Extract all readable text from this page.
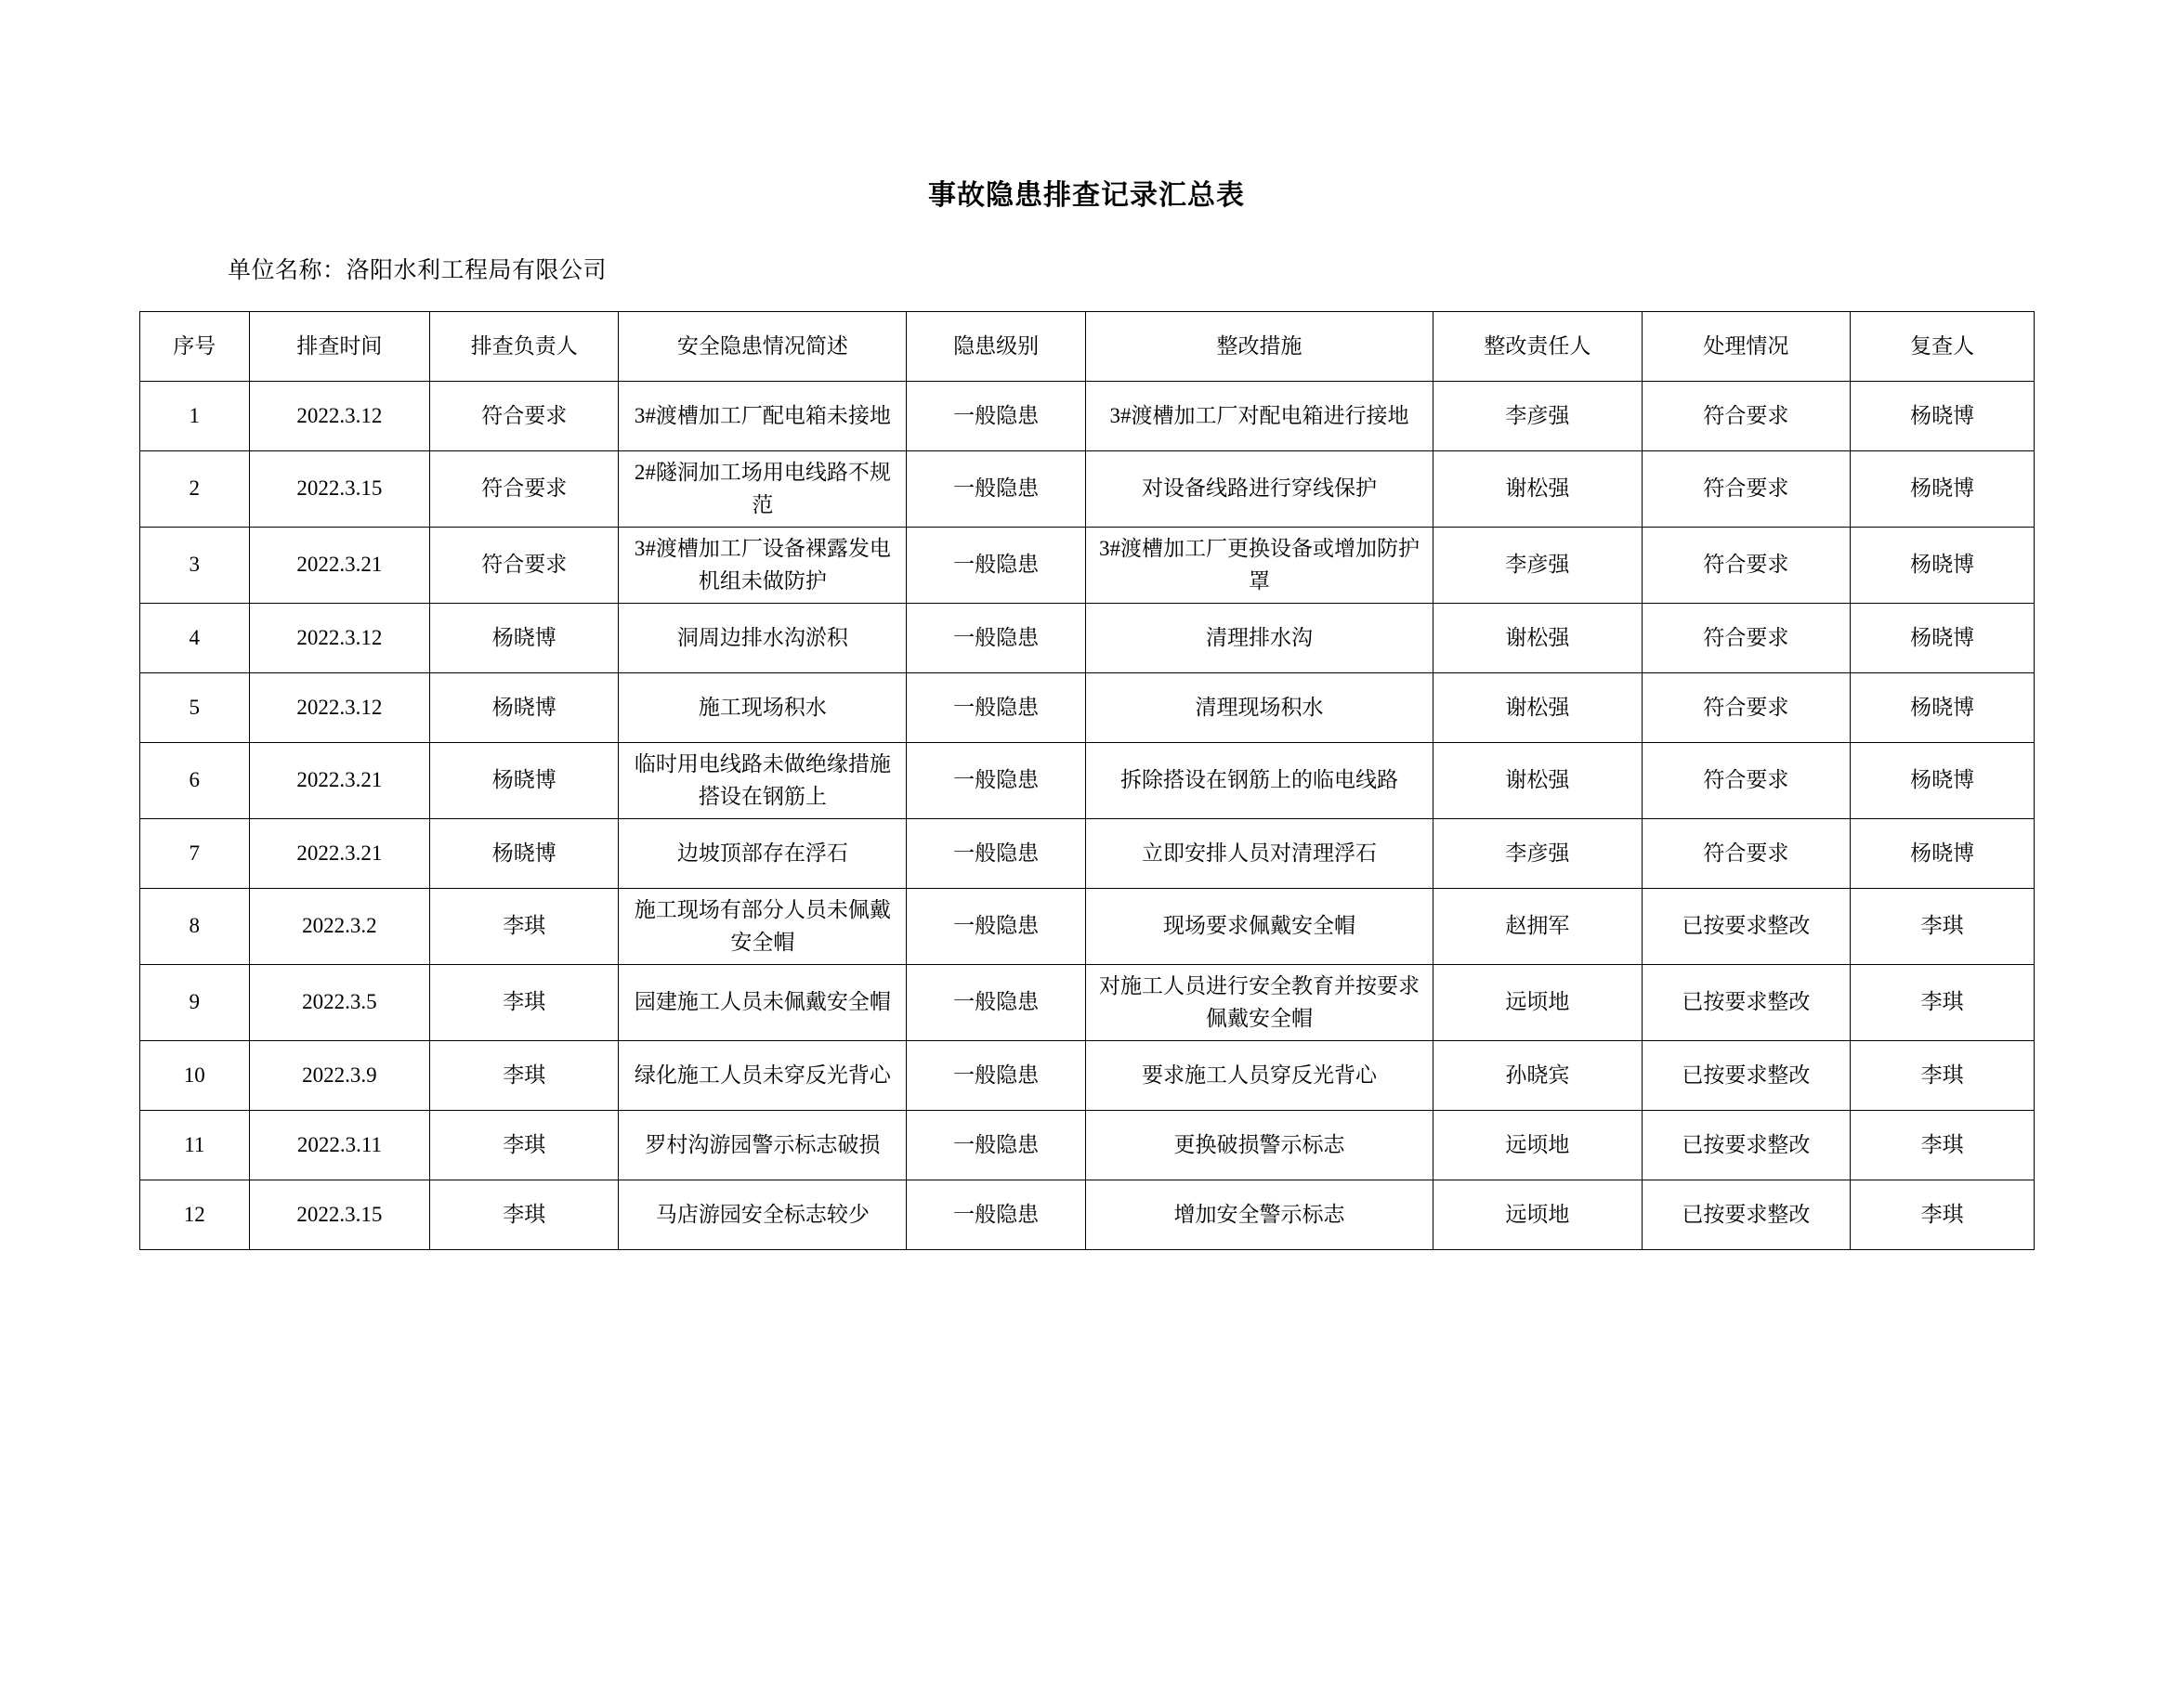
事故隐患排查记录汇总表
单位名称：洛阳水利工程局有限公司
序号	排查时间	排查负责人	安全隐患情况简述	隐患级别	整改措施	整改责任人	处理情况	复查人
1	2022.3.12	符合要求	3#渡槽加工厂配电箱未接地	一般隐患	3#渡槽加工厂对配电箱进行接地	李彦强	符合要求	杨晓博
2	2022.3.15	符合要求	2#隧洞加工场用电线路不规范	一般隐患	对设备线路进行穿线保护	谢松强	符合要求	杨晓博
3	2022.3.21	符合要求	3#渡槽加工厂设备裸露发电机组未做防护	一般隐患	3#渡槽加工厂更换设备或增加防护罩	李彦强	符合要求	杨晓博
4	2022.3.12	杨晓博	洞周边排水沟淤积	一般隐患	清理排水沟	谢松强	符合要求	杨晓博
5	2022.3.12	杨晓博	施工现场积水	一般隐患	清理现场积水	谢松强	符合要求	杨晓博
6	2022.3.21	杨晓博	临时用电线路未做绝缘措施搭设在钢筋上	一般隐患	拆除搭设在钢筋上的临电线路	谢松强	符合要求	杨晓博
7	2022.3.21	杨晓博	边坡顶部存在浮石	一般隐患	立即安排人员对清理浮石	李彦强	符合要求	杨晓博
8	2022.3.2	李琪	施工现场有部分人员未佩戴安全帽	一般隐患	现场要求佩戴安全帽	赵拥军	已按要求整改	李琪
9	2022.3.5	李琪	园建施工人员未佩戴安全帽	一般隐患	对施工人员进行安全教育并按要求佩戴安全帽	远顷地	已按要求整改	李琪
10	2022.3.9	李琪	绿化施工人员未穿反光背心	一般隐患	要求施工人员穿反光背心	孙晓宾	已按要求整改	李琪
11	2022.3.11	李琪	罗村沟游园警示标志破损	一般隐患	更换破损警示标志	远顷地	已按要求整改	李琪
12	2022.3.15	李琪	马店游园安全标志较少	一般隐患	增加安全警示标志	远顷地	已按要求整改	李琪
